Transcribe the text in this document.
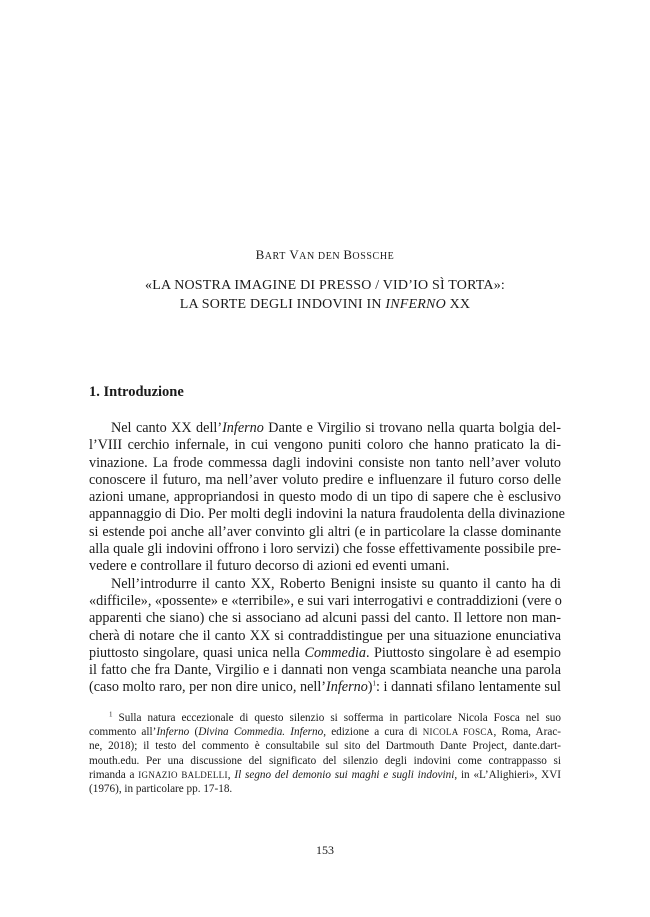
BART VAN DEN BOSSCHE
«LA NOSTRA IMAGINE DI PRESSO / VID’IO SÌ TORTA»:
LA SORTE DEGLI INDOVINI IN INFERNO XX
1. Introduzione
Nel canto XX dell’Inferno Dante e Virgilio si trovano nella quarta bolgia del-
l’VIII cerchio infernale, in cui vengono puniti coloro che hanno praticato la di-
vinazione. La frode commessa dagli indovini consiste non tanto nell’aver voluto
conoscere il futuro, ma nell’aver voluto predire e influenzare il futuro corso delle
azioni umane, appropriandosi in questo modo di un tipo di sapere che è esclusivo
appannaggio di Dio. Per molti degli indovini la natura fraudolenta della divinazione
si estende poi anche all’aver convinto gli altri (e in particolare la classe dominante
alla quale gli indovini offrono i loro servizi) che fosse effettivamente possibile pre-
vedere e controllare il futuro decorso di azioni ed eventi umani.
Nell’introdurre il canto XX, Roberto Benigni insiste su quanto il canto ha di
«difficile», «possente» e «terribile», e sui vari interrogativi e contraddizioni (vere o
apparenti che siano) che si associano ad alcuni passi del canto. Il lettore non man-
cherà di notare che il canto XX si contraddistingue per una situazione enunciativa
piuttosto singolare, quasi unica nella Commedia. Piuttosto singolare è ad esempio
il fatto che fra Dante, Virgilio e i dannati non venga scambiata neanche una parola
(caso molto raro, per non dire unico, nell’Inferno)$^1$: i dannati sfilano lentamente sul
$^1$ Sulla natura eccezionale di questo silenzio si sofferma in particolare Nicola Fosca nel suo
commento all’Inferno (Divina Commedia. Inferno, edizione a cura di NICOLA FOSCA, Roma, Arac-
ne, 2018); il testo del commento è consultabile sul sito del Dartmouth Dante Project, dante.dart-
mouth.edu. Per una discussione del significato del silenzio degli indovini come contrappasso si
rimanda a IGNAZIO BALDELLI, Il segno del demonio sui maghi e sugli indovini, in «L’Alighieri», XVI
(1976), in particolare pp. 17-18.
153
